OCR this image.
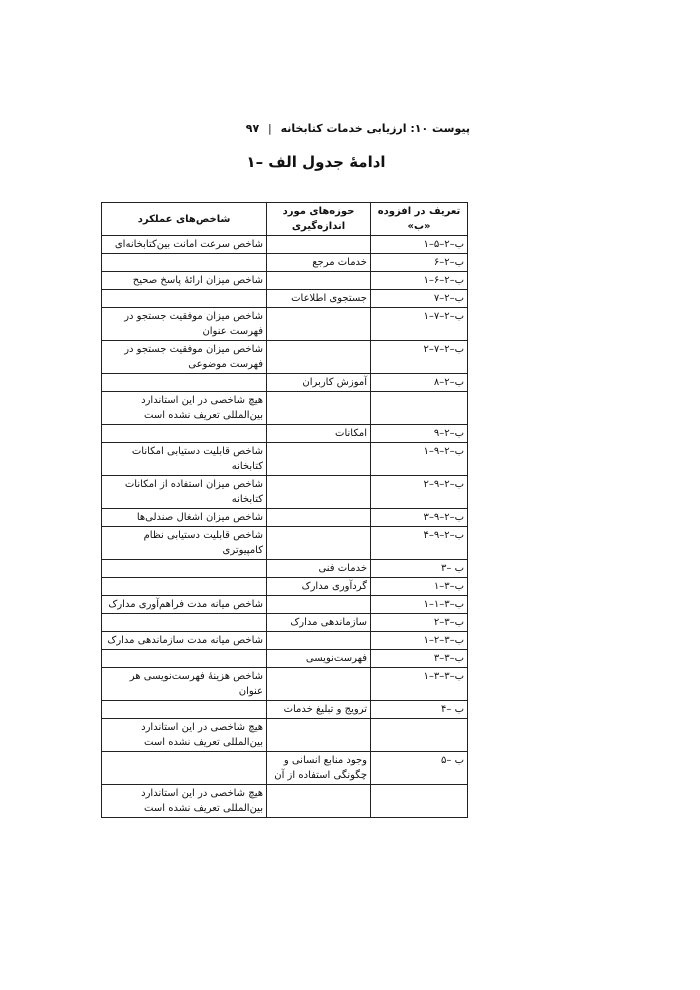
پیوست ۱۰: ارزیابی خدمات کتابخانه | ۹۷
ادامهٔ جدول الف –۱
تعریف در افزوده «ب»	حوزه‌های مورد اندازه‌گیری	شاخص‌های عملکرد
ب–۲–۵–۱		شاخص سرعت امانت بین‌کتابخانه‌ای
ب–۲–۶	خدمات مرجع	
ب–۲–۶–۱		شاخص میزان ارائهٔ پاسخ صحیح
ب–۲–۷	جستجوی اطلاعات	
ب–۲–۷–۱		شاخص میزان موفقیت جستجو در فهرست عنوان
ب–۲–۷–۲		شاخص میزان موفقیت جستجو در فهرست موضوعی
ب–۲–۸	آموزش کاربران	
		هیچ شاخصی در این استاندارد بین‌المللی تعریف نشده است
ب–۲–۹	امکانات	
ب–۲–۹–۱		شاخص قابلیت دستیابی امکانات کتابخانه
ب–۲–۹–۲		شاخص میزان استفاده از امکانات کتابخانه
ب–۲–۹–۳		شاخص میزان اشغال صندلی‌ها
ب–۲–۹–۴		شاخص قابلیت دستیابی نظام کامپیوتری
ب –۳	خدمات فنی	
ب–۳–۱	گردآوری مدارک	
ب–۳–۱–۱		شاخص میانه مدت فراهم‌آوری مدارک
ب–۳–۲	سازماندهی مدارک	
ب–۳–۲–۱		شاخص میانه مدت سازماندهی مدارک
ب–۳–۳	فهرست‌نویسی	
ب–۳–۳–۱		شاخص هزینهٔ فهرست‌نویسی هر عنوان
ب –۴	ترویج و تبلیغ خدمات	
		هیچ شاخصی در این استاندارد بین‌المللی تعریف نشده است
ب –۵	وجود منابع انسانی و چگونگی استفاده از آن	
		هیچ شاخصی در این استاندارد بین‌المللی تعریف نشده است
